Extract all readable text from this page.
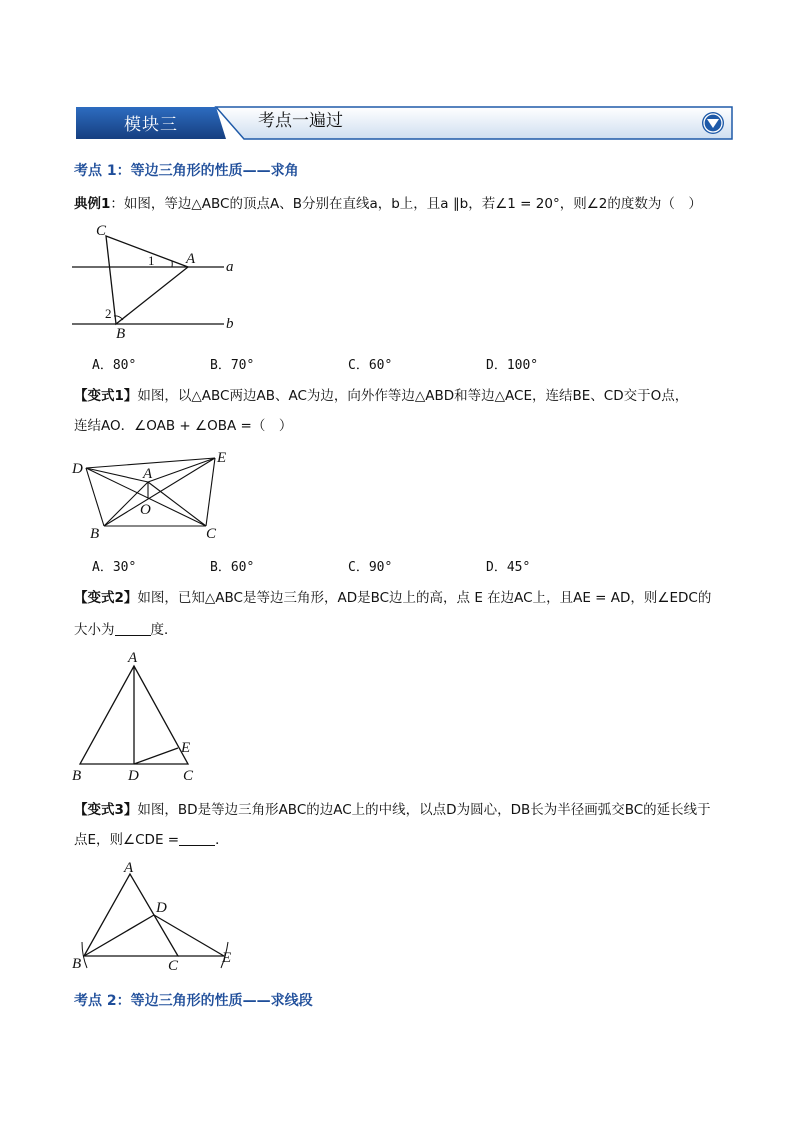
模块三	考点一遍过
考点 1：等边三角形的性质——求角
典例1：如图，等边△ABC的顶点A、B分别在直线a，b上，且a ∥b，若∠1 = 20°，则∠2的度数为（　）
C
A
B
a
b
1
2
A．80°	B．70°	C．60°	D．100°
【变式1】如图，以△ABC两边AB、AC为边，向外作等边△ABD和等边△ACE，连结BE、CD交于O点，
连结AO．∠OAB + ∠OBA =（　）
D	A
E
O
B	C
A．30°	B．60°	C．90°	D．45°
【变式2】如图，已知△ABC是等边三角形，AD是BC边上的高，点 E 在边AC上，且AE = AD，则∠EDC的
大小为	度．
A
E
B	D	C
【变式3】如图，BD是等边三角形ABC的边AC上的中线，以点D为圆心，DB长为半径画弧交BC的延长线于
点E，则∠CDE =	．
A
D
B	C	E
考点 2：等边三角形的性质——求线段
